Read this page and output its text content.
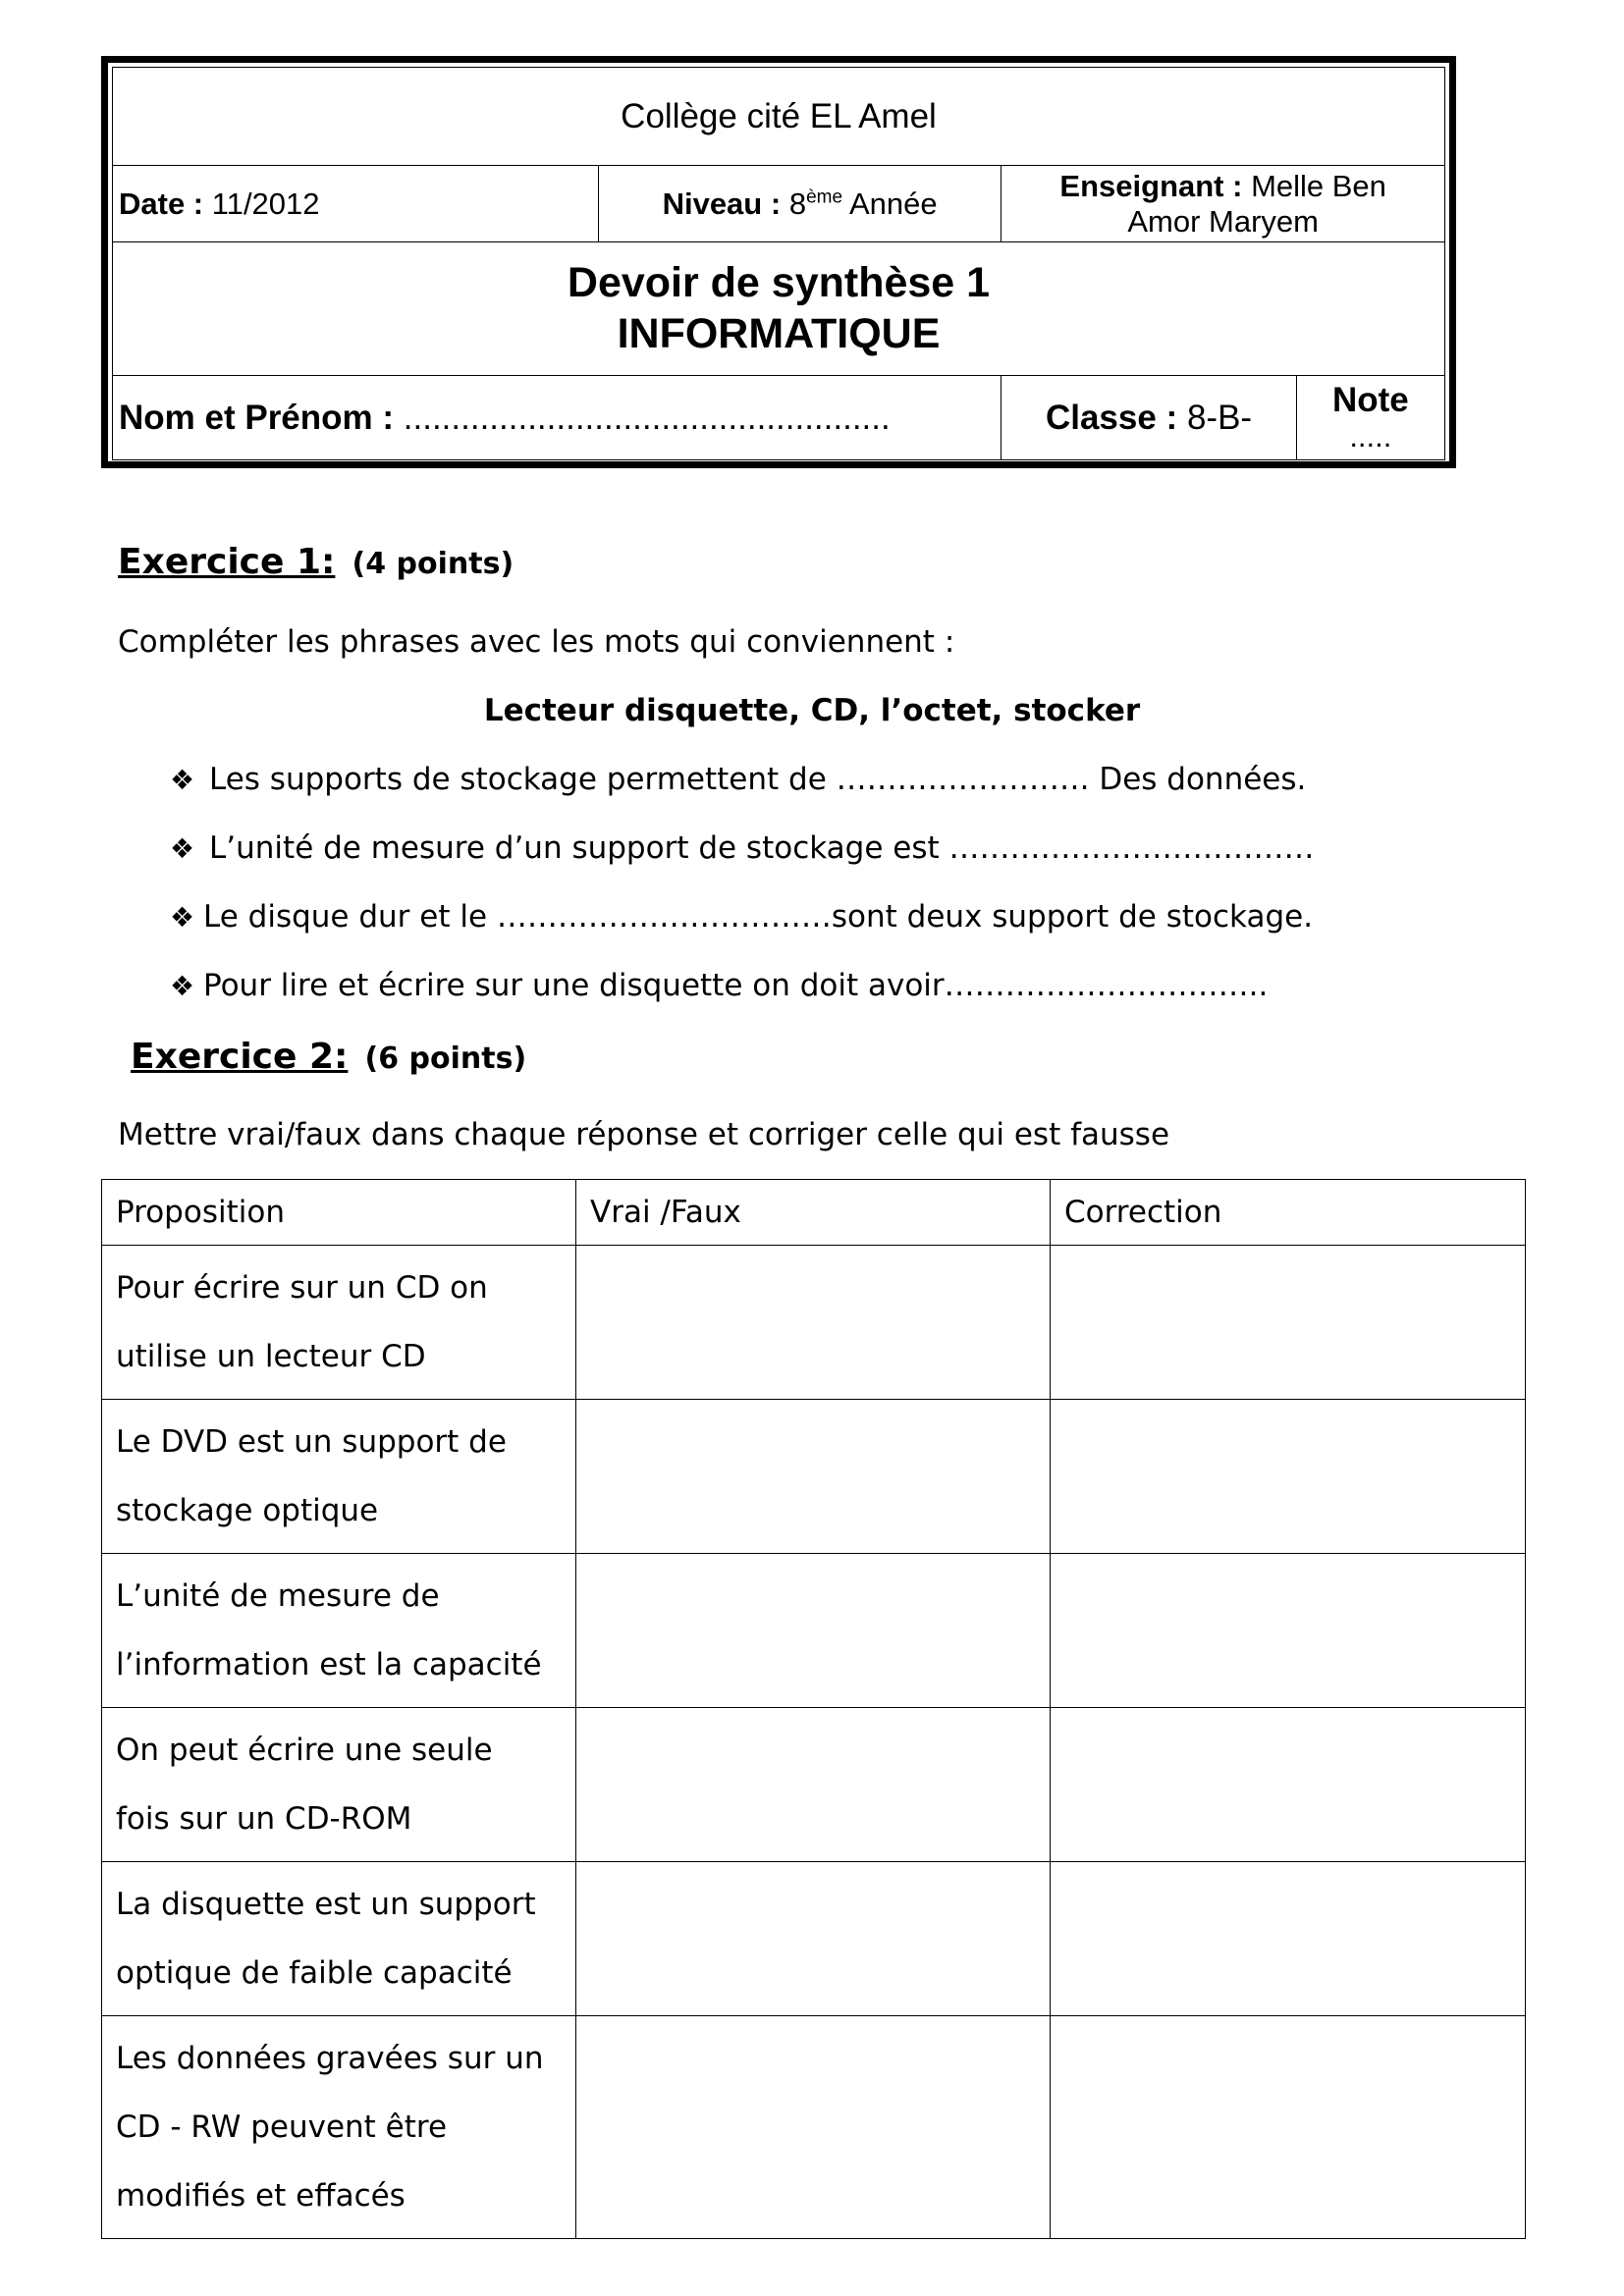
Collège cité EL Amel			
Date : 11/2012	Niveau : 8ème Année	Enseignant : Melle Ben
Amor Maryem	
Devoir de synthèse 1
INFORMATIQUE			
Nom et Prénom : ...................................................		Classe : 8-B-	Note
.....
Exercice 1: (4 points)
Compléter les phrases avec les mots qui conviennent :
Lecteur disquette, CD, l’octet, stocker
❖ Les supports de stockage permettent de ……………………. Des données.
❖ L’unité de mesure d’un support de stockage est ………………………………
❖ Le disque dur et le ……………………………sont deux support de stockage.
❖ Pour lire et écrire sur une disquette on doit avoir…………………………..
Exercice 2: (6 points)
Mettre vrai/faux dans chaque réponse et corriger celle qui est fausse
Proposition	Vrai /Faux	Correction
Pour écrire sur un CD on
utilise un lecteur CD		
Le DVD est un support de
stockage optique		
L’unité de mesure de
l’information est la capacité		
On peut écrire une seule
fois sur un CD-ROM		
La disquette est un support
optique de faible capacité		
Les données gravées sur un
CD - RW peuvent être
modifiés et effacés		
